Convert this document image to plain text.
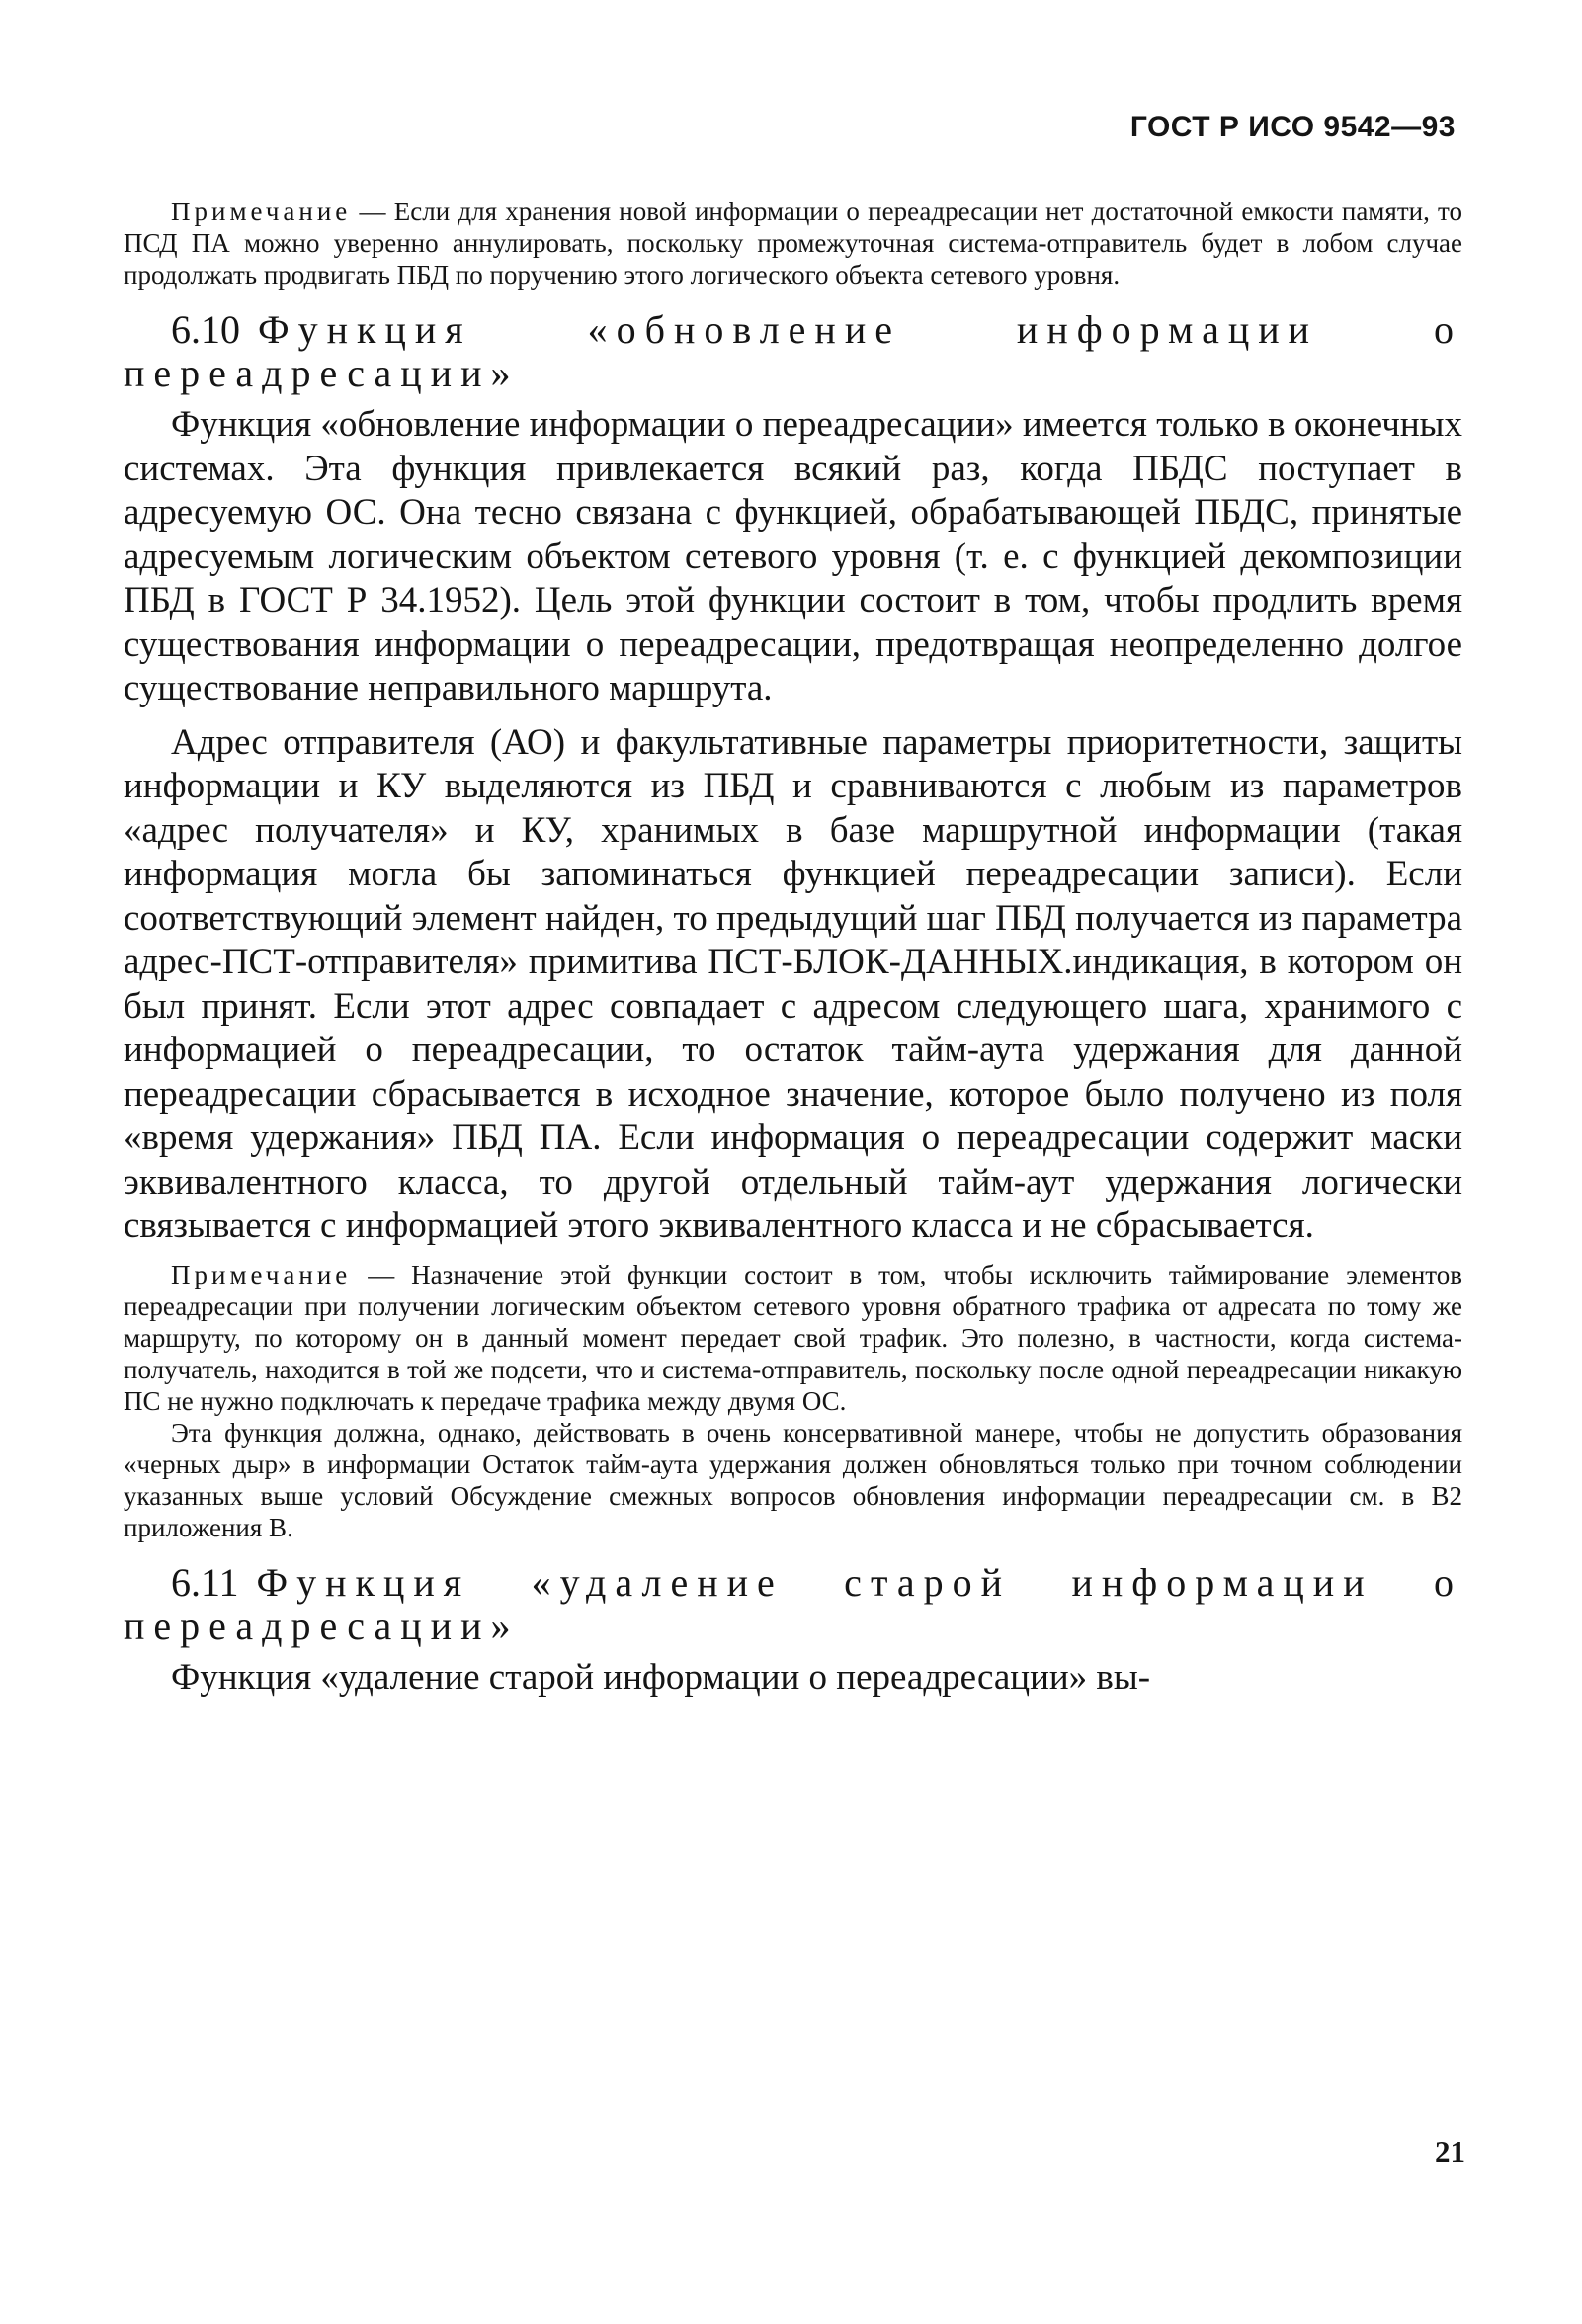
ГОСТ Р ИСО 9542—93

Примечание — Если для хранения новой информации о переадресации нет достаточной емкости памяти, то ПСД ПА можно уверенно аннулировать, поскольку промежуточная система-отправитель будет в лобом случае продолжать продвигать ПБД по поручению этого логического объекта сетевого уровня.

6.10 Функция «обновление информации о переадресации»

Функция «обновление информации о переадресации» имеется только в оконечных системах. Эта функция привлекается всякий раз, когда ПБДС поступает в адресуемую ОС. Она тесно связана с функцией, обрабатывающей ПБДС, принятые адресуемым логическим объектом сетевого уровня (т. е. с функцией декомпозиции ПБД в ГОСТ Р 34.1952). Цель этой функции состоит в том, чтобы продлить время существования информации о переадресации, предотвращая неопределенно долгое существование неправильного маршрута.

Адрес отправителя (АО) и факультативные параметры приоритетности, защиты информации и КУ выделяются из ПБД и сравниваются с любым из параметров «адрес получателя» и КУ, хранимых в базе маршрутной информации (такая информация могла бы запоминаться функцией переадресации записи). Если соответствующий элемент найден, то предыдущий шаг ПБД получается из параметра адрес-ПСТ-отправителя» примитива ПСТ-БЛОК-ДАННЫХ.индикация, в котором он был принят. Если этот адрес совпадает с адресом следующего шага, хранимого с информацией о переадресации, то остаток тайм-аута удержания для данной переадресации сбрасывается в исходное значение, которое было получено из поля «время удержания» ПБД ПА. Если информация о переадресации содержит маски эквивалентного класса, то другой отдельный тайм-аут удержания логически связывается с информацией этого эквивалентного класса и не сбрасывается.

Примечание — Назначение этой функции состоит в том, чтобы исключить таймирование элементов переадресации при получении логическим объектом сетевого уровня обратного трафика от адресата по тому же маршруту, по которому он в данный момент передает свой трафик. Это полезно, в частности, когда система-получатель, находится в той же подсети, что и система-отправитель, поскольку после одной переадресации никакую ПС не нужно подключать к передаче трафика между двумя ОС.

Эта функция должна, однако, действовать в очень консервативной манере, чтобы не допустить образования «черных дыр» в информации Остаток тайм-аута удержания должен обновляться только при точном соблюдении указанных выше условий Обсуждение смежных вопросов обновления информации переадресации см. в В2 приложения В.

6.11 Функция «удаление старой информации о переадресации»

Функция «удаление старой информации о переадресации» вы-

21
